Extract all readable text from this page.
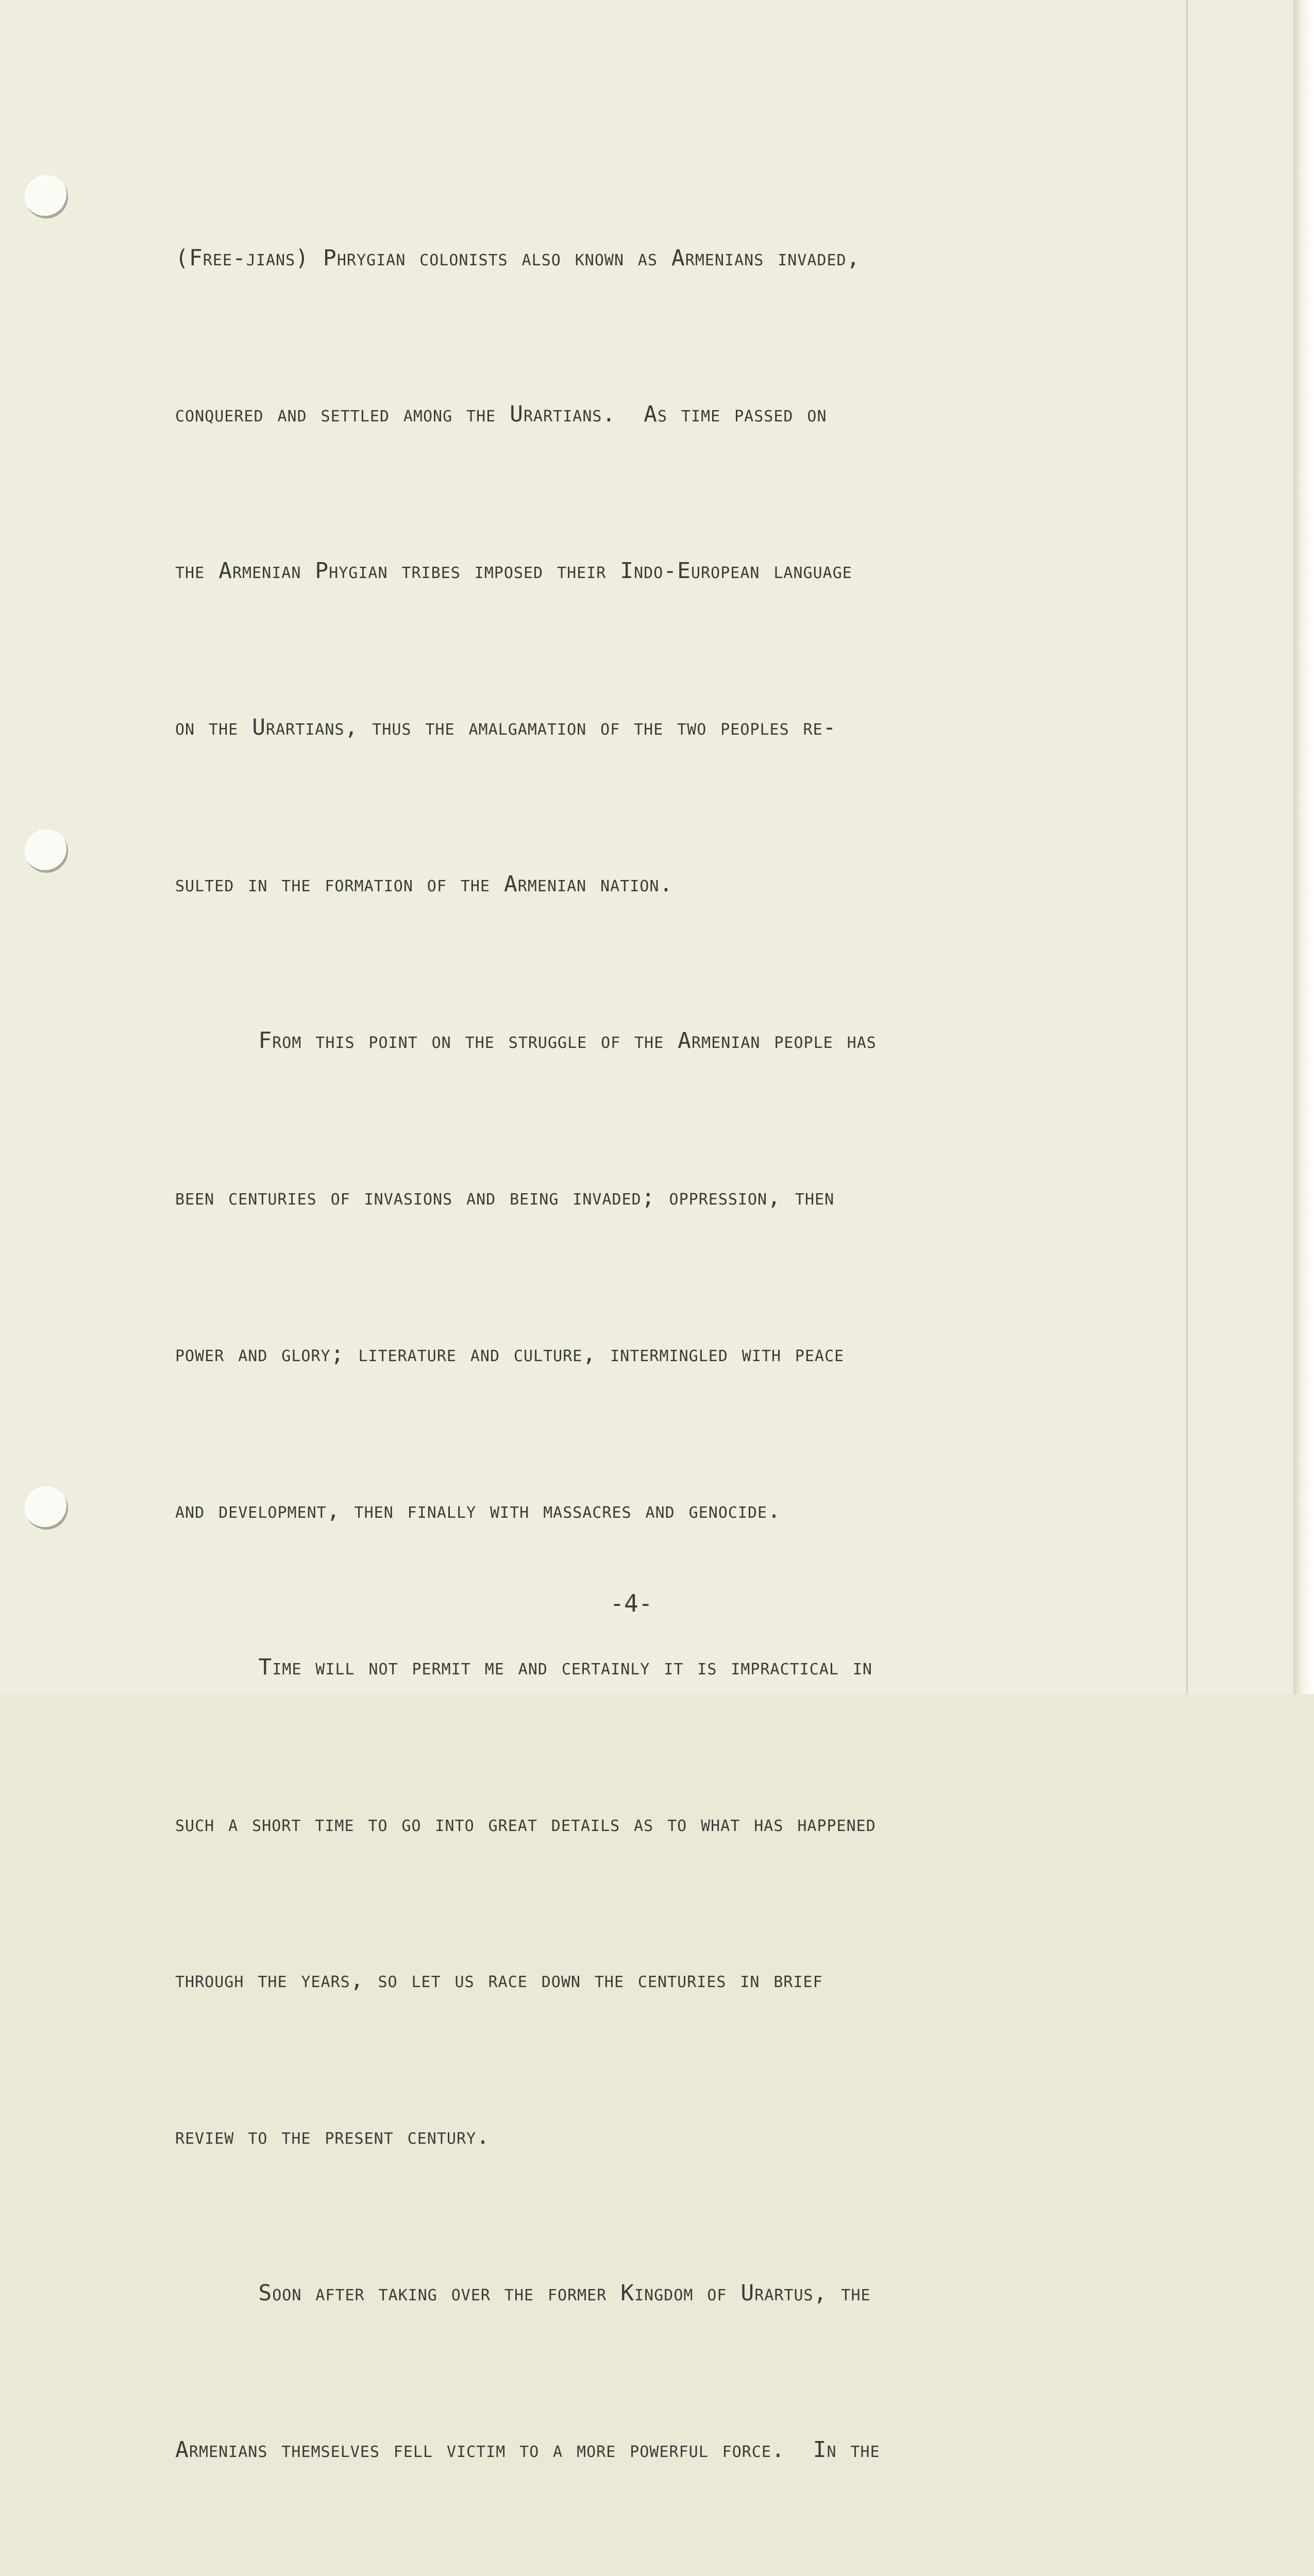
(Free-jians) Phrygian colonists also known as Armenians invaded,

conquered and settled among the Urartians.  As time passed on

the Armenian Phygian tribes imposed their Indo-European language

on the Urartians, thus the amalgamation of the two peoples re-

sulted in the formation of the Armenian nation.

From this point on the struggle of the Armenian people has

been centuries of invasions and being invaded; oppression, then

power and glory; literature and culture, intermingled with peace

and development, then finally with massacres and genocide.

Time will not permit me and certainly it is impractical in

such a short time to go into great details as to what has happened

through the years, so let us race down the centuries in brief

review to the present century.

Soon after taking over the former Kingdom of Urartus, the

Armenians themselves fell victim to a more powerful force.  In the

-4-
